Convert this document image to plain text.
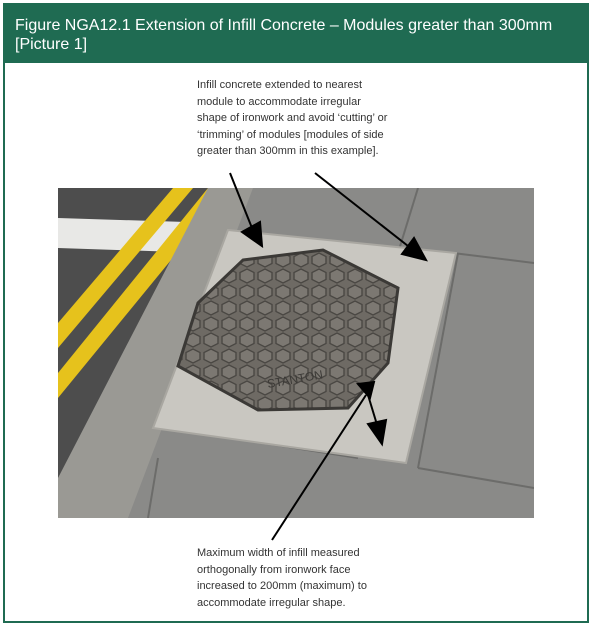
Figure NGA12.1 Extension of Infill Concrete – Modules greater than 300mm
[Picture 1]
Infill concrete extended to nearest
module to accommodate irregular
shape of ironwork and avoid ‘cutting’ or
‘trimming’ of modules [modules of side
greater than 300mm in this example].
STANTON
Maximum width of infill measured
orthogonally from ironwork face
increased to 200mm (maximum) to
accommodate irregular shape.
